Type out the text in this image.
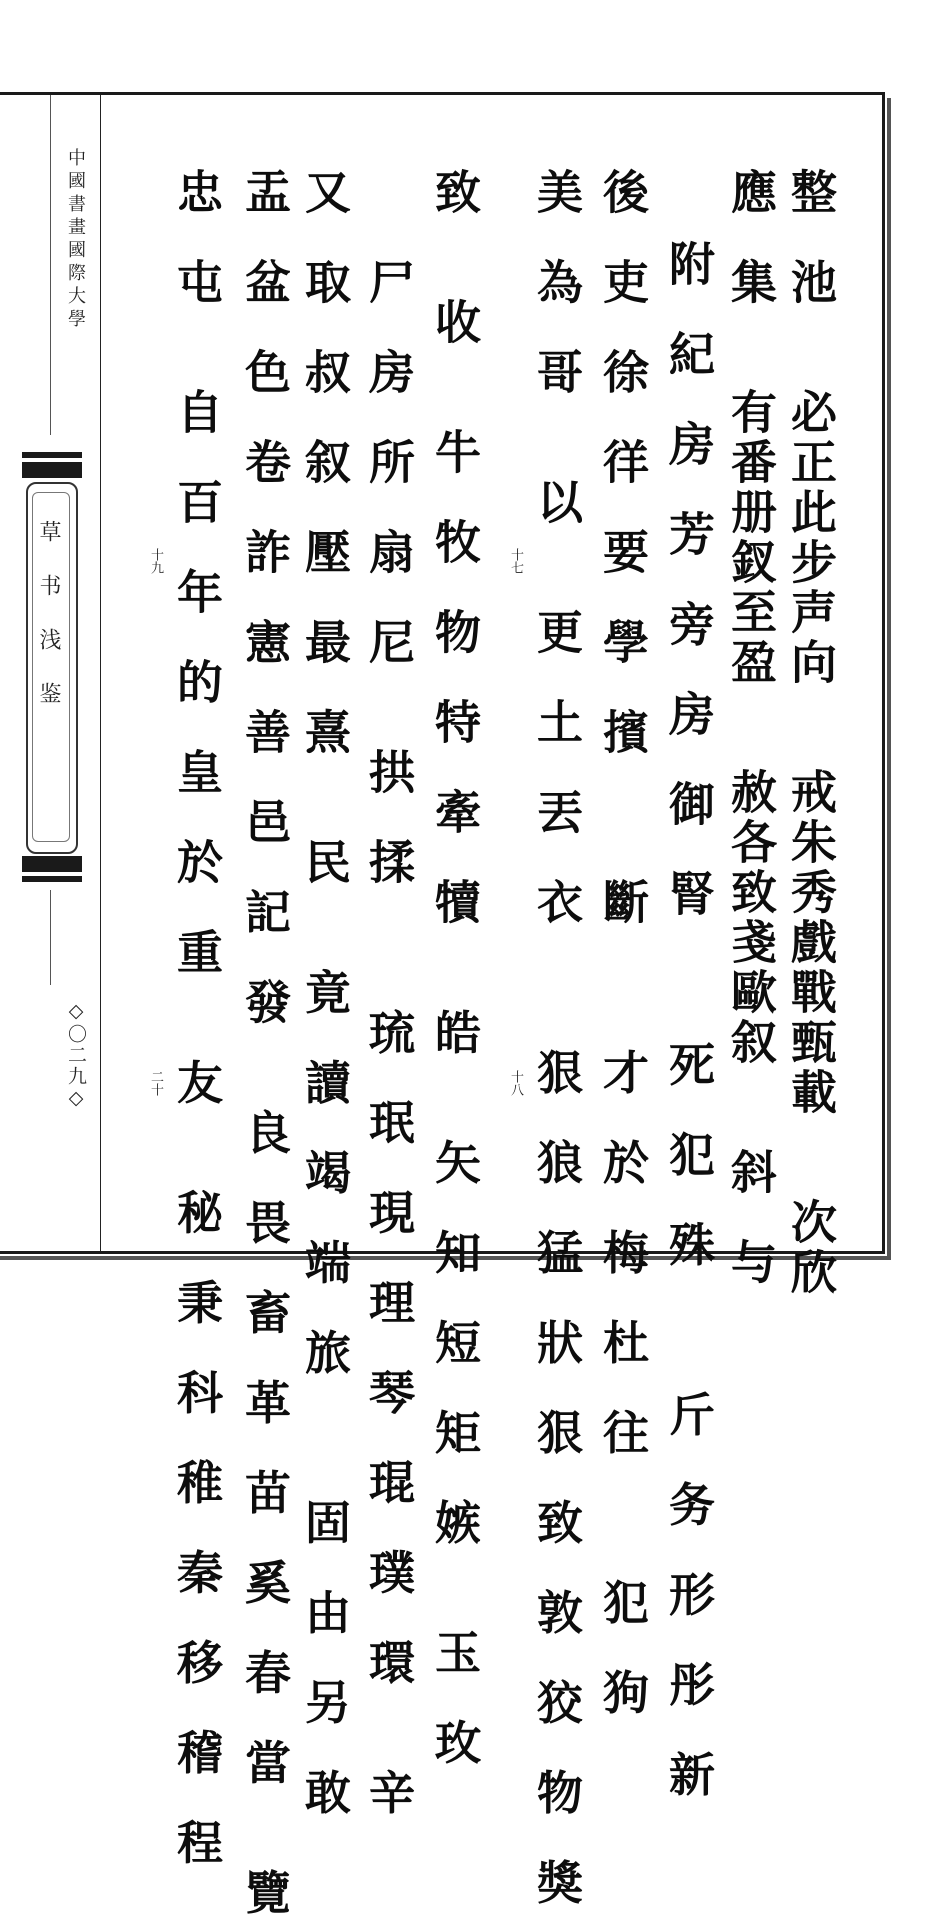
中國書畫國際大學
草书浅鉴
◇〇二九◇	整  池    必正此步声向    戒朱秀戲戰甄載    次欣
應  集    有番册釵至盈    赦各致戔歐叙    斜  与
附  紀  房  芳  旁  房  御  腎      死  犯  殊      斤  务  形  彤  新
後  吏  徐  徉  要  學  擯      斷      才  於  梅  杜  往      犯  狗
美  為  哥    以    更  土  丟  衣      狠  狼  猛  狀  狠  致  敦  狡  物  獎
致    收    牛  牧  物  特  牽  犢    皓    矢  知  短  矩  嫉    玉  玫
尸  房  所  扇  尼    拱  揉      琉  珉  現  理  琴  琨  璞  環    辛
又  取  叔  叙  壓  最  熹    民    竟  讀  竭  端  旅      固  由  另  敢
盂  盆  色  卷  詐  憲  善  邑  記  發    良  畏  畜  革  苗  奚  春  當    覽
忠  屯    自  百  年  的  皇  於  重    友    秘  秉  科  稚  秦  移  稽  程	十七
十八
十九
二十
